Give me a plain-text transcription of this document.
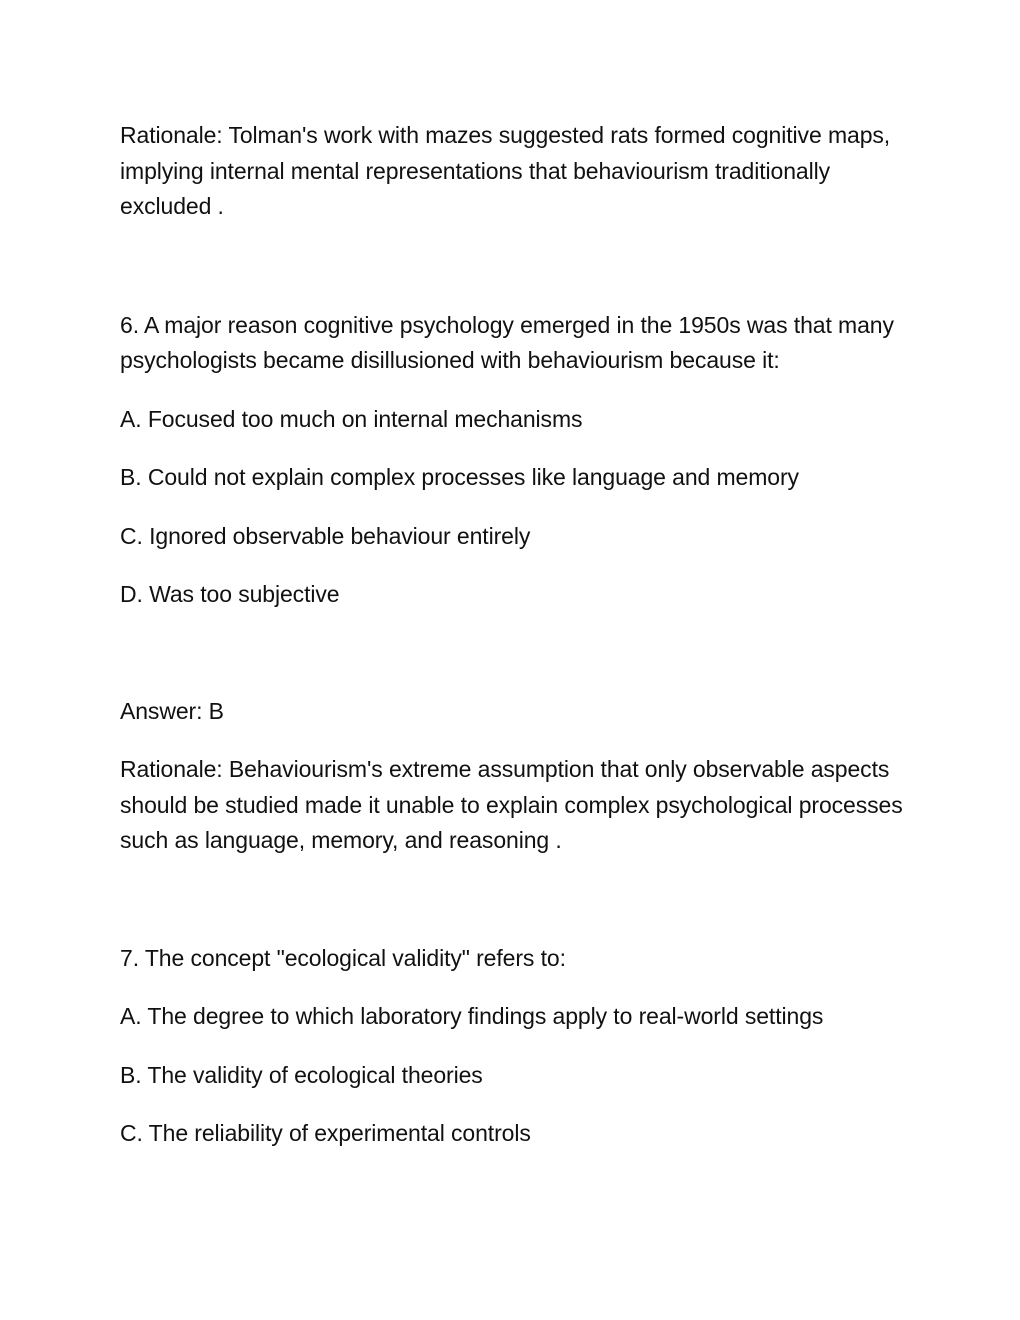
Rationale: Tolman's work with mazes suggested rats formed cognitive maps, implying internal mental representations that behaviourism traditionally excluded .

6. A major reason cognitive psychology emerged in the 1950s was that many psychologists became disillusioned with behaviourism because it:

A. Focused too much on internal mechanisms

B. Could not explain complex processes like language and memory

C. Ignored observable behaviour entirely

D. Was too subjective

Answer: B

Rationale: Behaviourism's extreme assumption that only observable aspects should be studied made it unable to explain complex psychological processes such as language, memory, and reasoning .

7. The concept "ecological validity" refers to:

A. The degree to which laboratory findings apply to real-world settings

B. The validity of ecological theories

C. The reliability of experimental controls
